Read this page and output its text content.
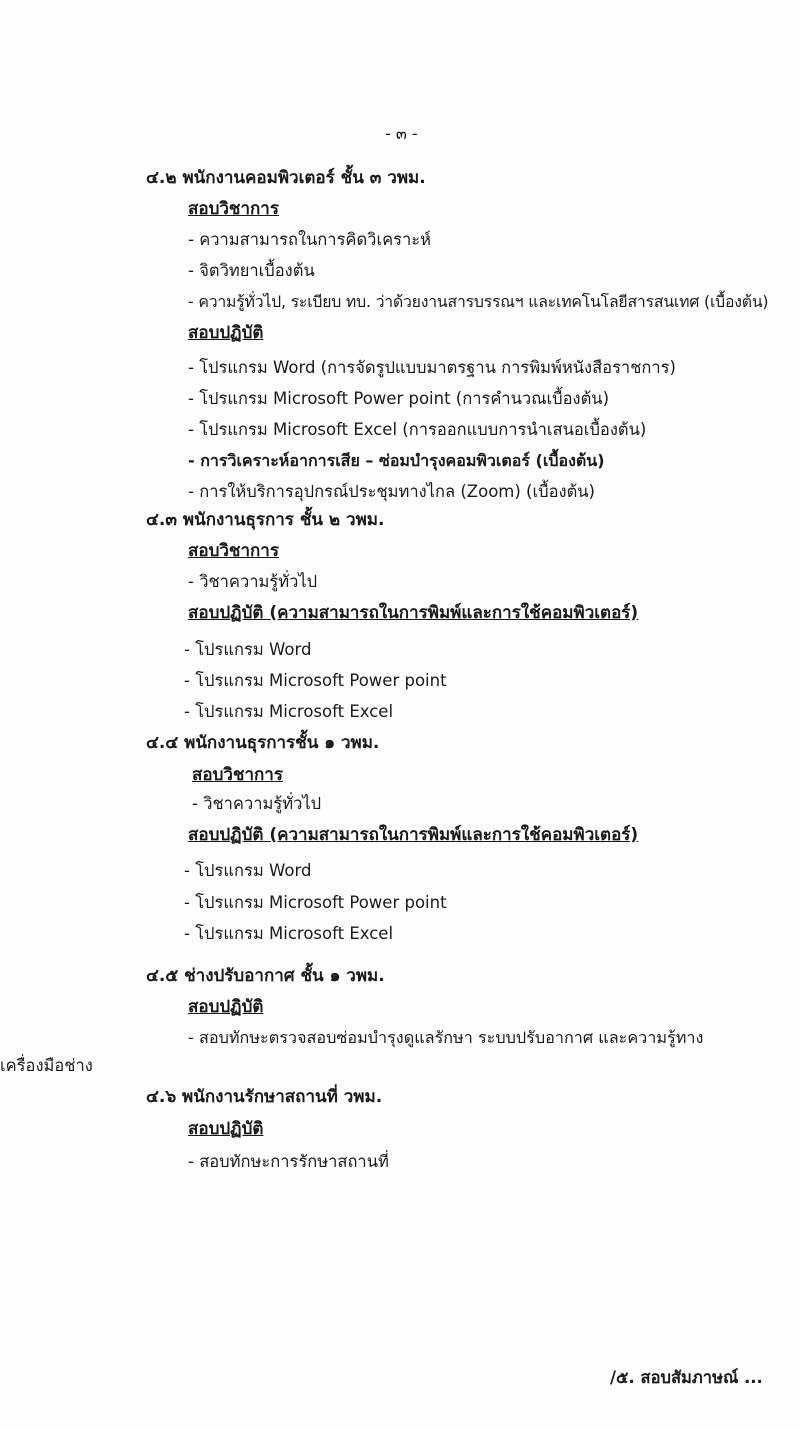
- ๓ -
๔.๒ พนักงานคอมพิวเตอร์ ชั้น ๓ วพม.
สอบวิชาการ
- ความสามารถในการคิดวิเคราะห์
- จิตวิทยาเบื้องต้น
- ความรู้ทั่วไป, ระเบียบ ทบ. ว่าด้วยงานสารบรรณฯ และเทคโนโลยีสารสนเทศ (เบื้องต้น)
สอบปฏิบัติ
- โปรแกรม Word (การจัดรูปแบบมาตรฐาน การพิมพ์หนังสือราชการ)
- โปรแกรม Microsoft Power point (การคำนวณเบื้องต้น)
- โปรแกรม Microsoft Excel (การออกแบบการนำเสนอเบื้องต้น)
- การวิเคราะห์อาการเสีย – ซ่อมบำรุงคอมพิวเตอร์ (เบื้องต้น)
- การให้บริการอุปกรณ์ประชุมทางไกล (Zoom) (เบื้องต้น)
๔.๓ พนักงานธุรการ ชั้น ๒ วพม.
สอบวิชาการ
- วิชาความรู้ทั่วไป
สอบปฏิบัติ (ความสามารถในการพิมพ์และการใช้คอมพิวเตอร์)
- โปรแกรม Word
- โปรแกรม Microsoft Power point
- โปรแกรม Microsoft Excel
๔.๔ พนักงานธุรการชั้น ๑ วพม.
สอบวิชาการ
- วิชาความรู้ทั่วไป
สอบปฏิบัติ (ความสามารถในการพิมพ์และการใช้คอมพิวเตอร์)
- โปรแกรม Word
- โปรแกรม Microsoft Power point
- โปรแกรม Microsoft Excel
๔.๕ ช่างปรับอากาศ ชั้น ๑ วพม.
สอบปฏิบัติ
- สอบทักษะตรวจสอบซ่อมบำรุงดูแลรักษา ระบบปรับอากาศ และความรู้ทาง
เครื่องมือช่าง
๔.๖ พนักงานรักษาสถานที่ วพม.
สอบปฏิบัติ
- สอบทักษะการรักษาสถานที่
/๕. สอบสัมภาษณ์ ...
